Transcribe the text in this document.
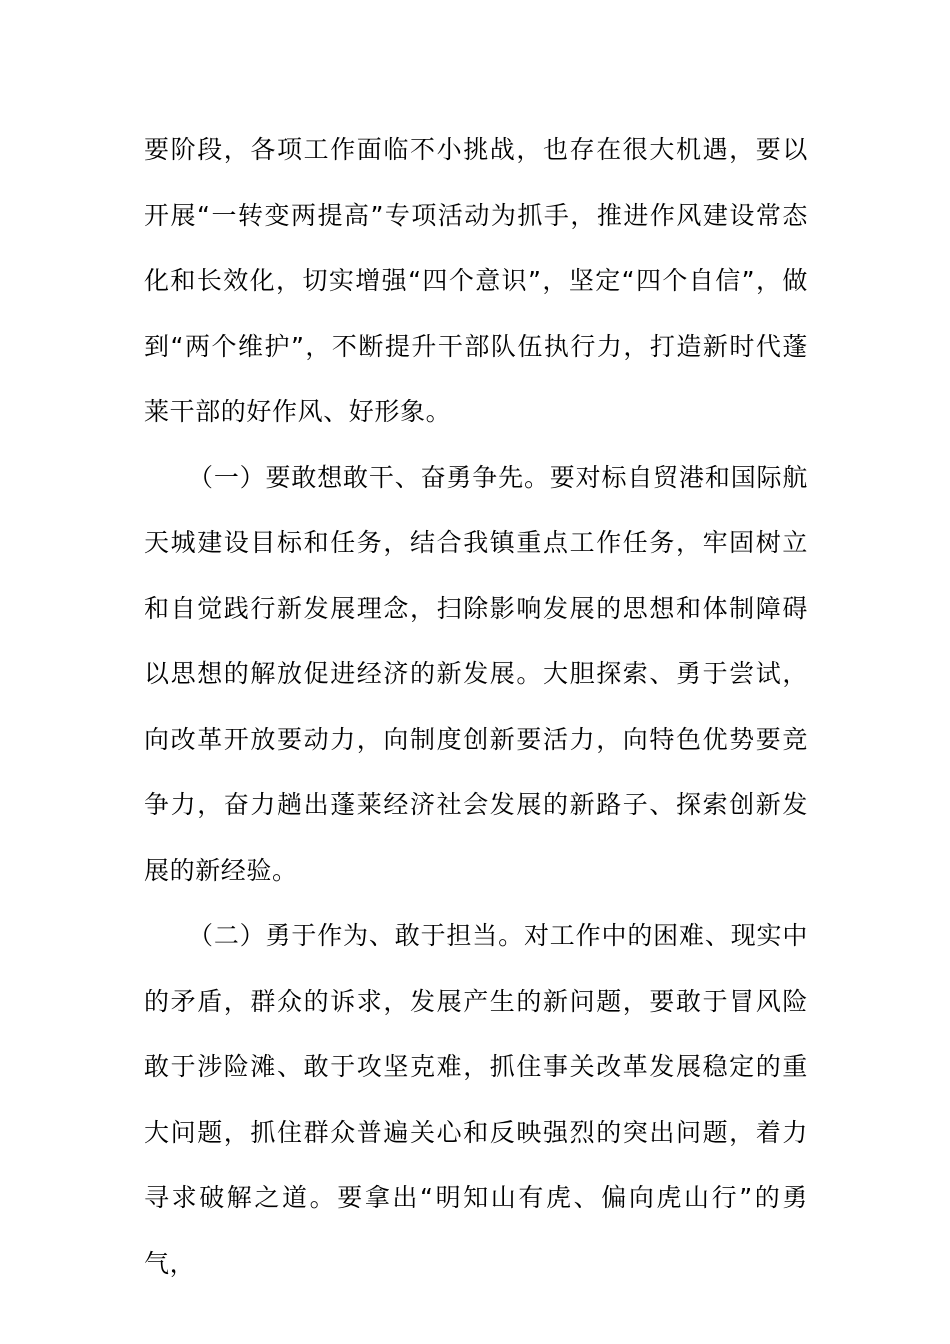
要阶段，各项工作面临不小挑战，也存在很大机遇，要以开展“一转变两提高”专项活动为抓手，推进作风建设常态化和长效化，切实增强“四个意识”，坚定“四个自信”，做到“两个维护”，不断提升干部队伍执行力，打造新时代蓬莱干部的好作风、好形象。

（一）要敢想敢干、奋勇争先。要对标自贸港和国际航天城建设目标和任务，结合我镇重点工作任务，牢固树立和自觉践行新发展理念，扫除影响发展的思想和体制障碍以思想的解放促进经济的新发展。大胆探索、勇于尝试，向改革开放要动力，向制度创新要活力，向特色优势要竞争力，奋力趟出蓬莱经济社会发展的新路子、探索创新发展的新经验。

（二）勇于作为、敢于担当。对工作中的困难、现实中的矛盾，群众的诉求，发展产生的新问题，要敢于冒风险敢于涉险滩、敢于攻坚克难，抓住事关改革发展稳定的重大问题，抓住群众普遍关心和反映强烈的突出问题，着力寻求破解之道。要拿出“明知山有虎、偏向虎山行”的勇气，
